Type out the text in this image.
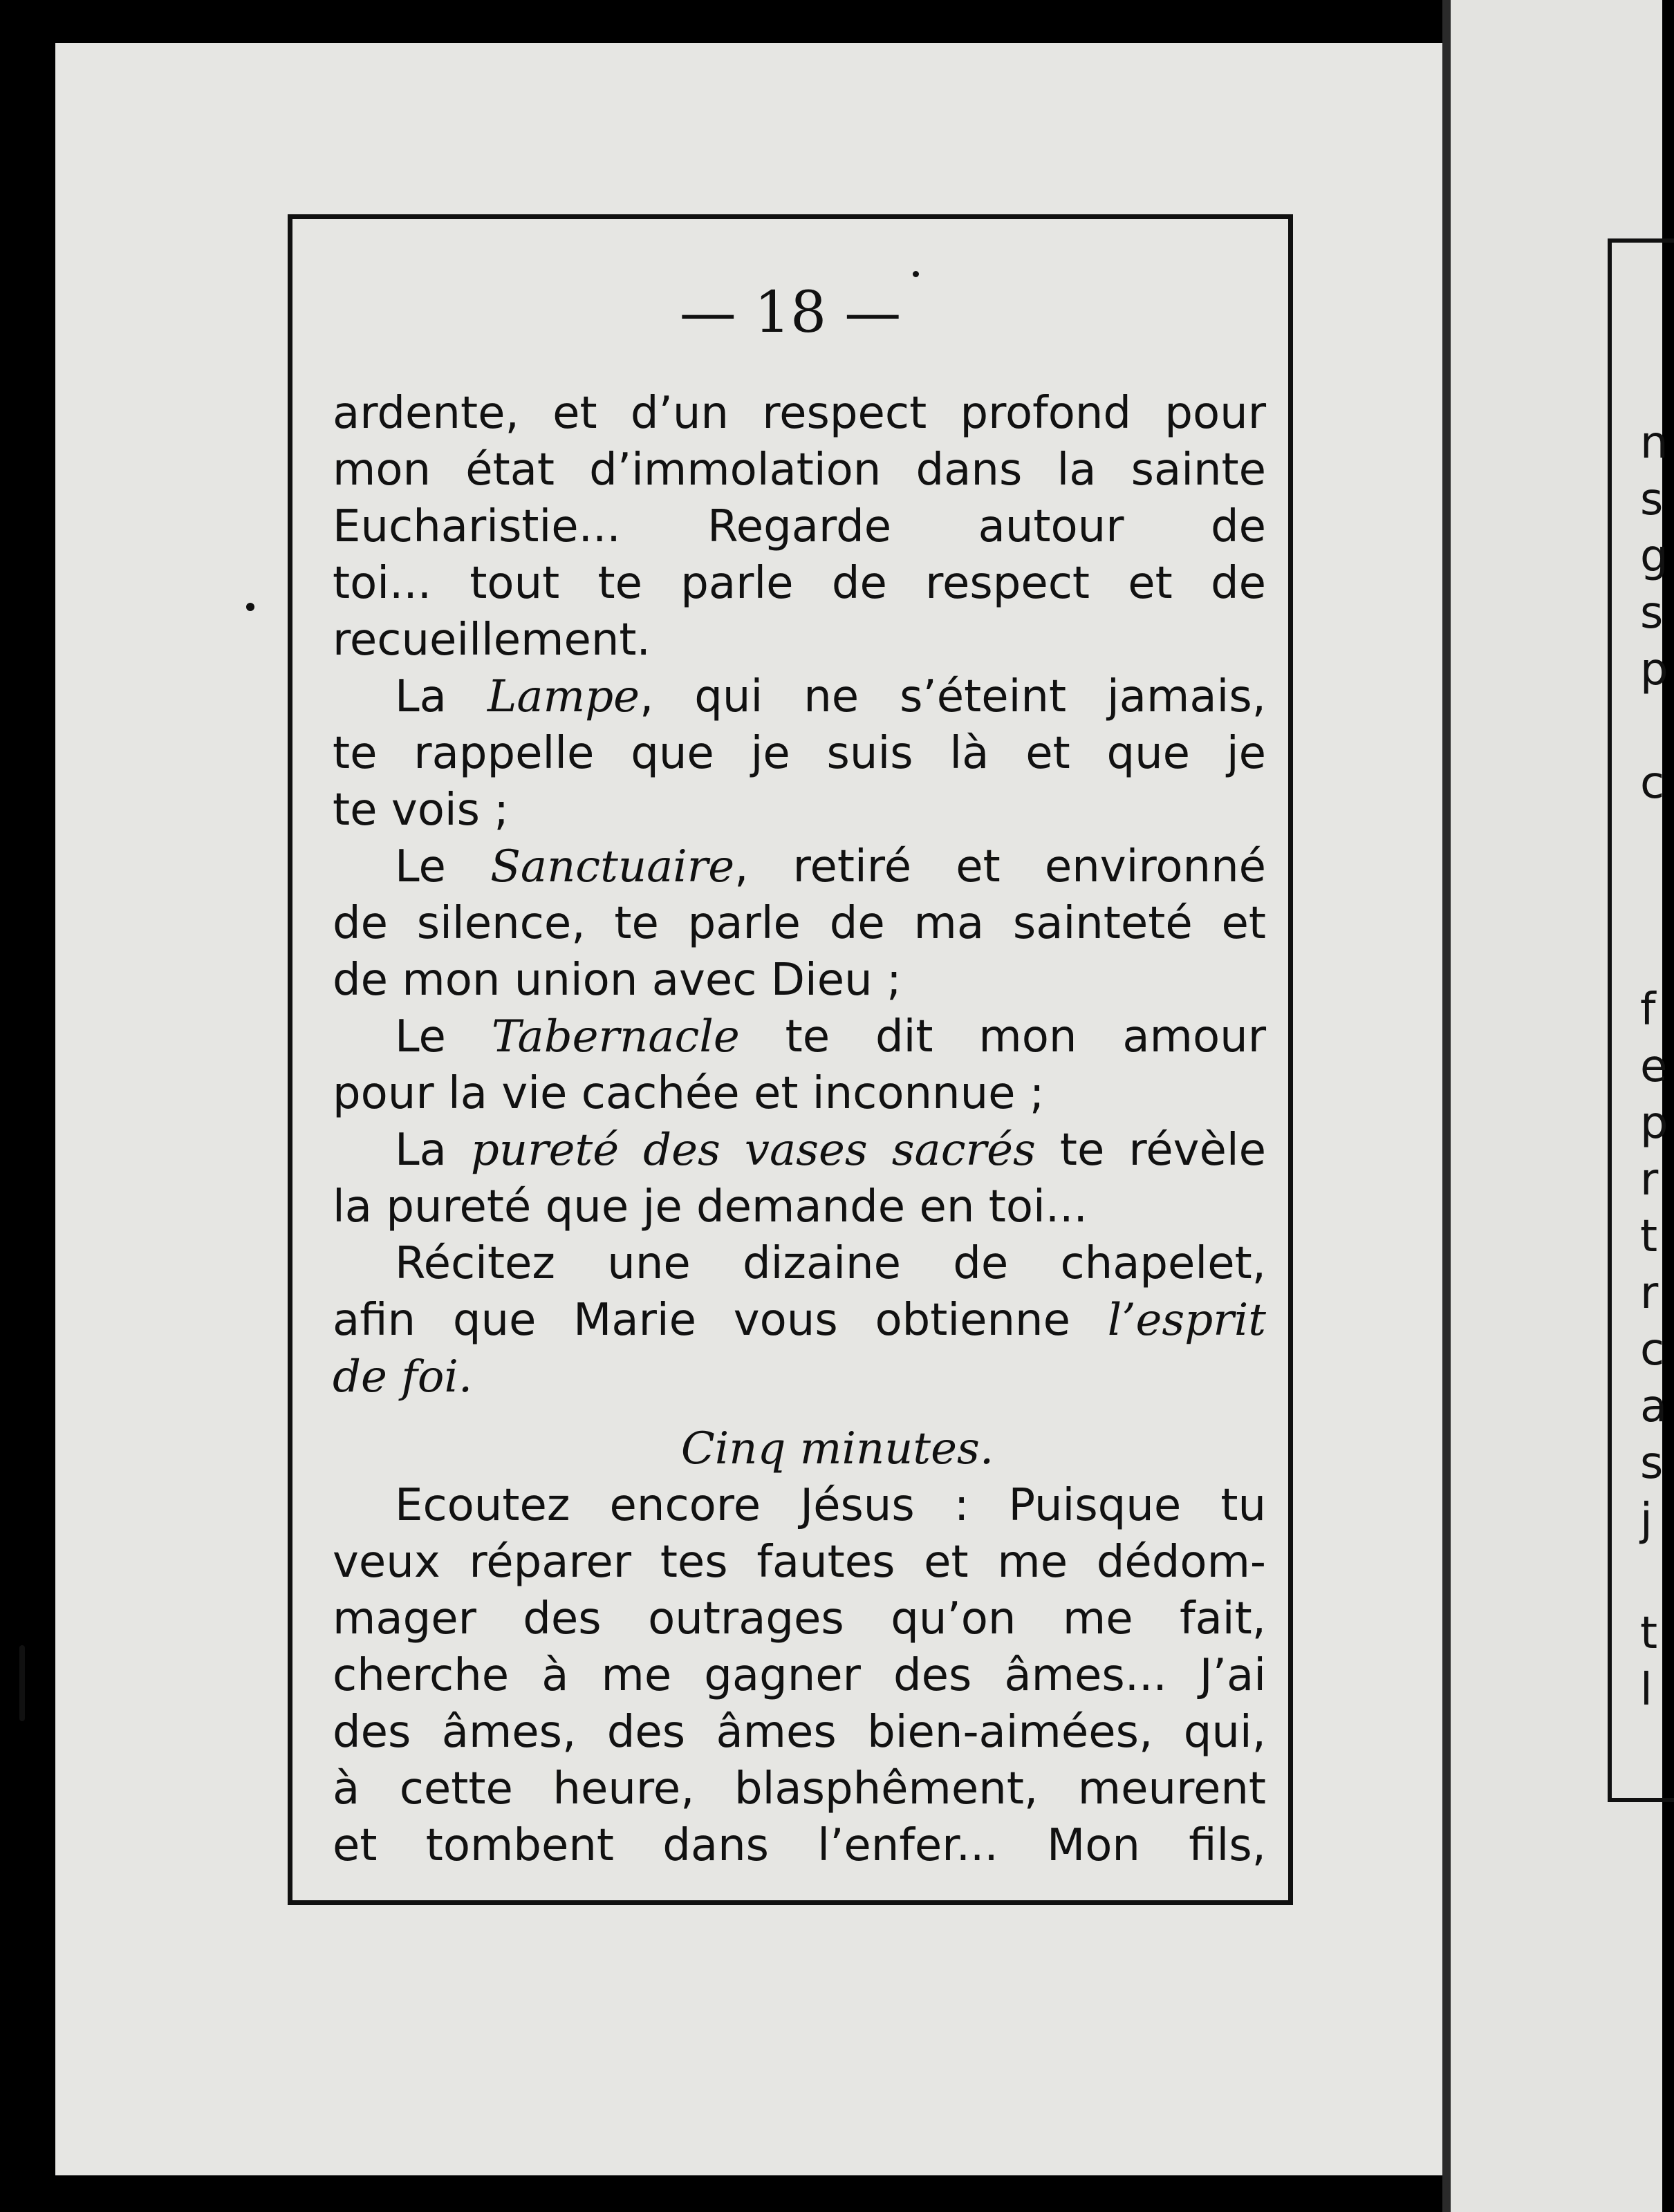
— 18 —
ardente, et d’un respect profond pour
mon état d’immolation dans la sainte
Eucharistie... Regarde autour de
toi... tout te parle de respect et de
recueillement.
La Lampe, qui ne s’éteint jamais,
te rappelle que je suis là et que je
te vois ;
Le Sanctuaire, retiré et environné
de silence, te parle de ma sainteté et
de mon union avec Dieu ;
Le Tabernacle te dit mon amour
pour la vie cachée et inconnue ;
La pureté des vases sacrés te révèle
la pureté que je demande en toi...
Récitez une dizaine de chapelet,
afin que Marie vous obtienne l’esprit
de foi.
Cinq minutes.
Ecoutez encore Jésus : Puisque tu
veux réparer tes fautes et me dédom-
mager des outrages qu’on me fait,
cherche à me gagner des âmes... J’ai
des âmes, des âmes bien-aimées, qui,
à cette heure, blasphêment, meurent
et tombent dans l’enfer... Mon fils,
n
s
g
s
p
c
f
e
p
r
t
r
c
a
s
j
t
l
